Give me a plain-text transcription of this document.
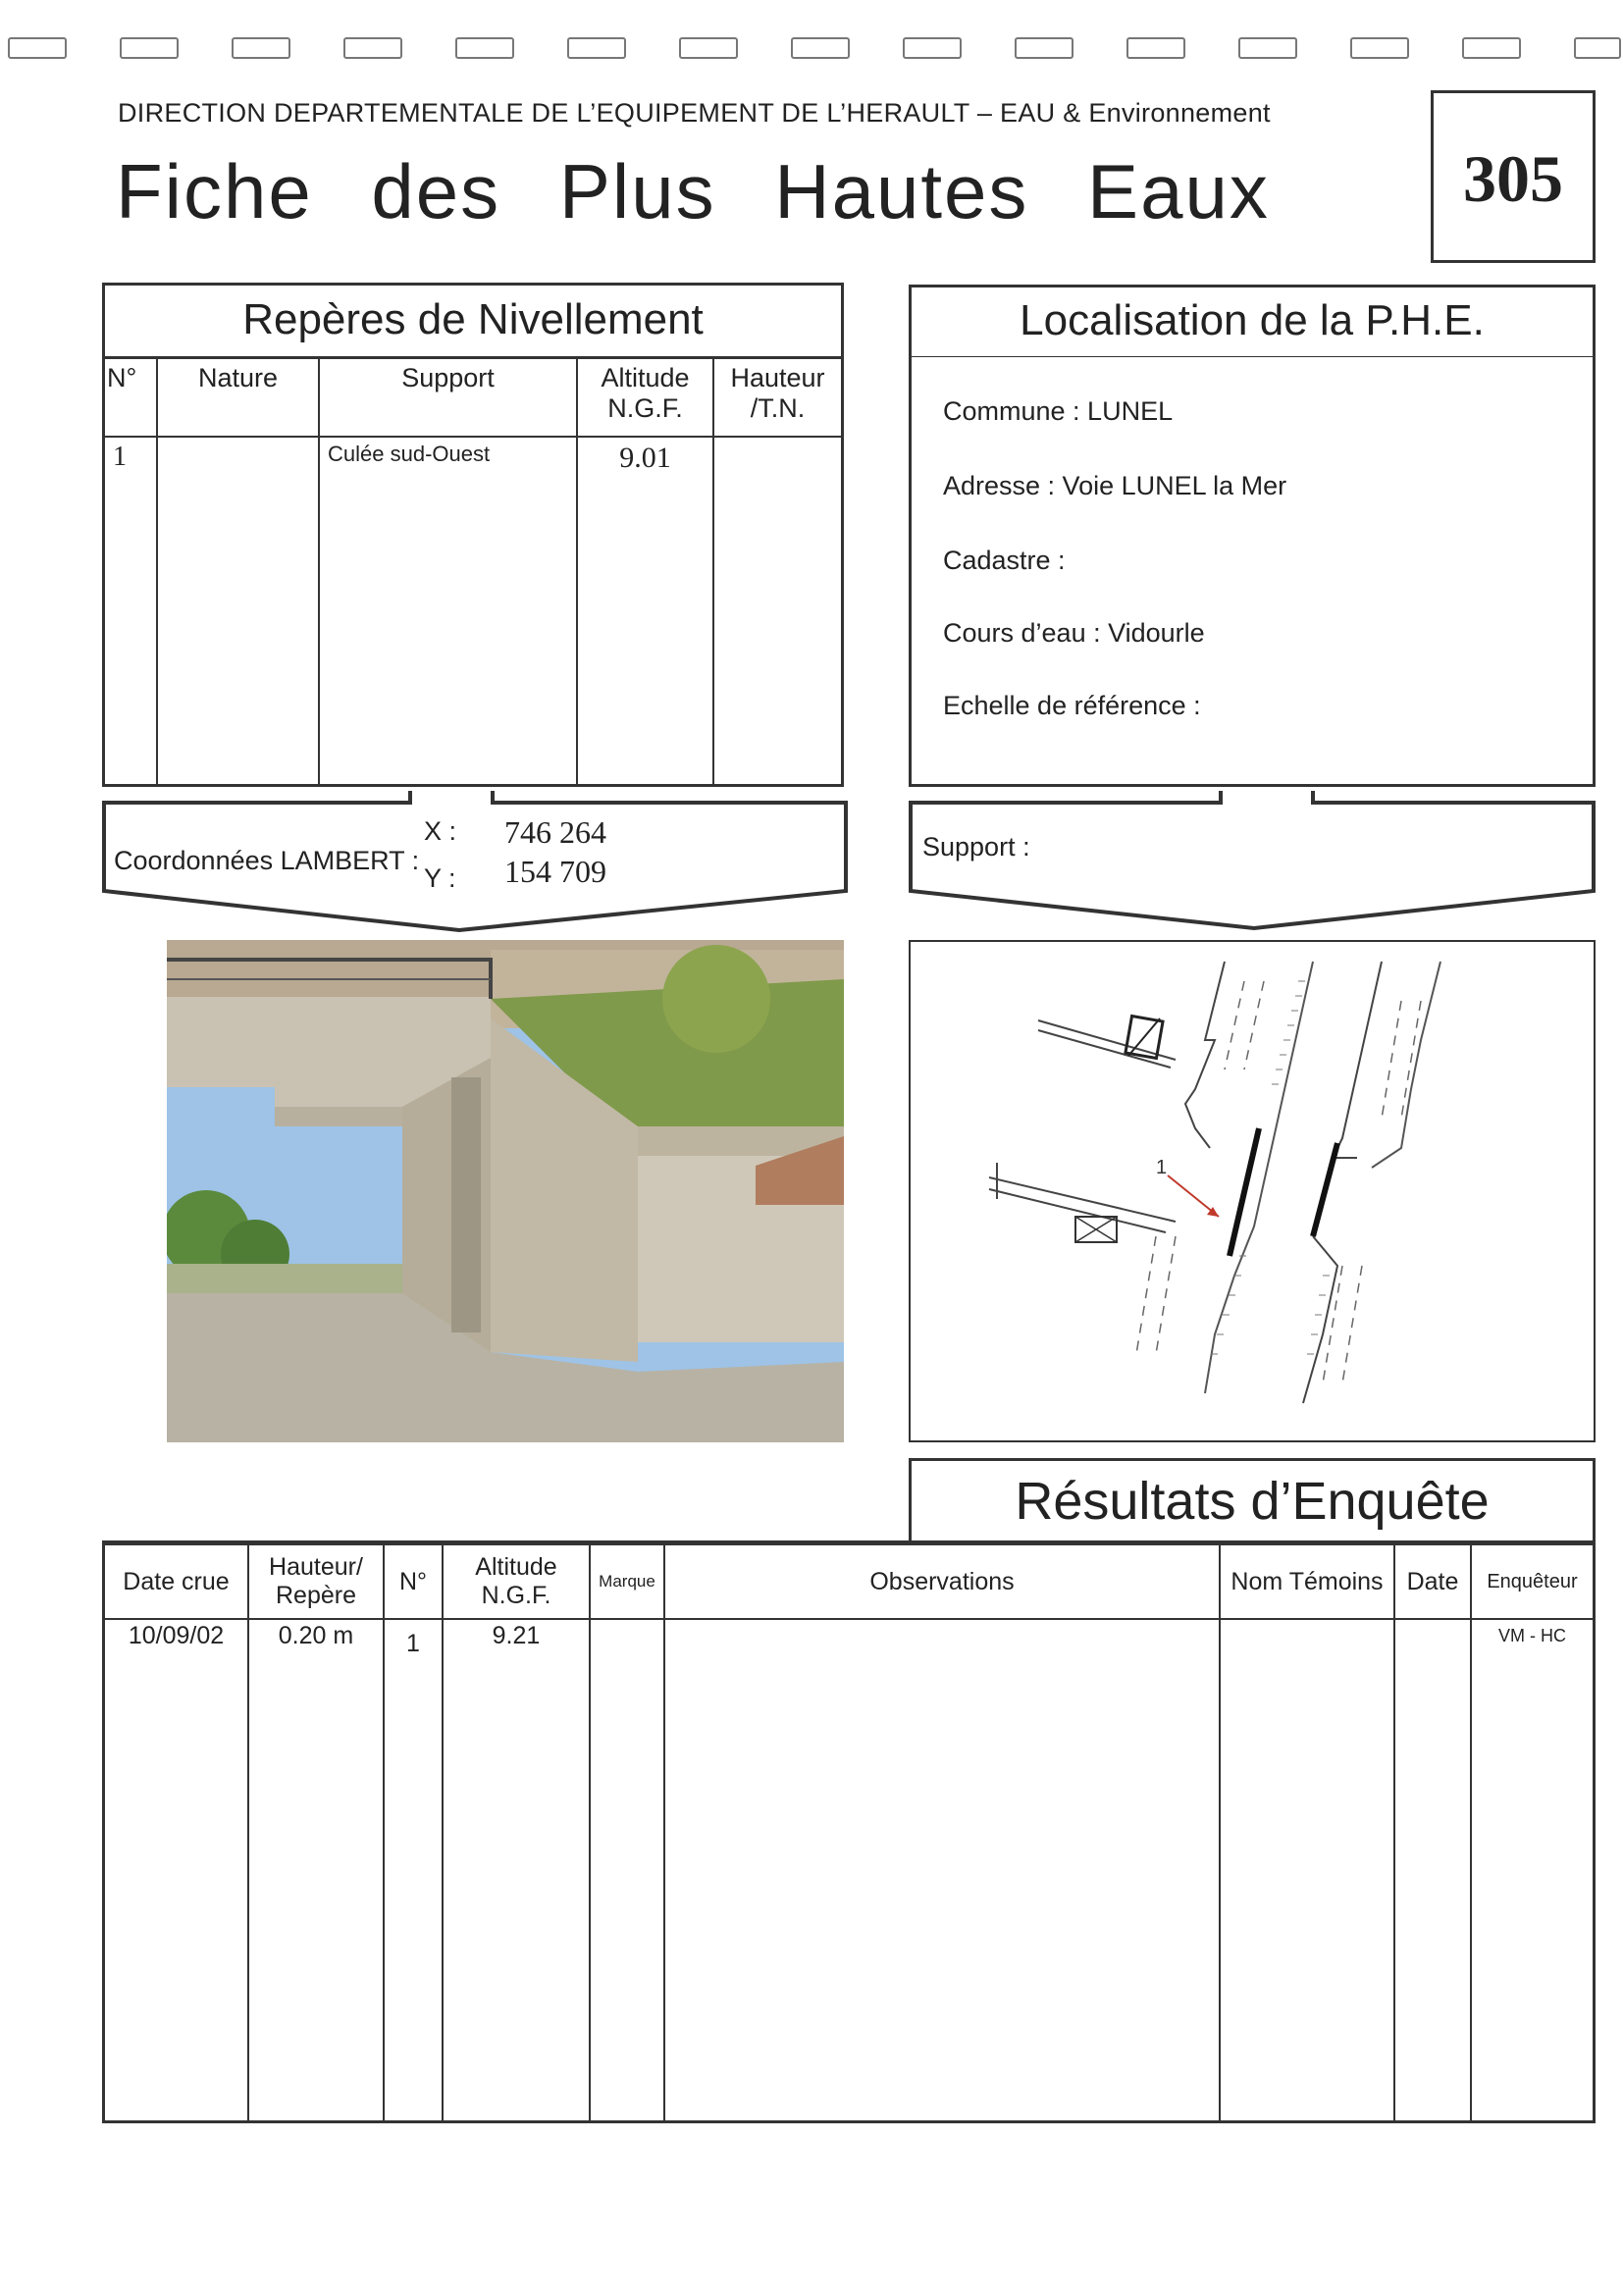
DIRECTION DEPARTEMENTALE DE L’EQUIPEMENT DE L’HERAULT – EAU & Environnement
Fiche des Plus Hautes Eaux	305
Repères de Nivellement
N°	Nature	Support	Altitude N.G.F.	Hauteur /T.N.
1		Culée sud-Ouest	9.01	
Localisation de la P.H.E.
Commune : LUNEL
Adresse : Voie LUNEL la Mer
Cadastre :
Cours d’eau : Vidourle
Echelle de référence :
Coordonnées LAMBERT :
X : 746 264
Y : 154 709
Support :
1
Résultats d’Enquête
Date crue	Hauteur/ Repère	N°	Altitude N.G.F.	Marque	Observations	Nom Témoins	Date	Enquêteur
10/09/02	0.20 m	1	9.21					VM - HC
